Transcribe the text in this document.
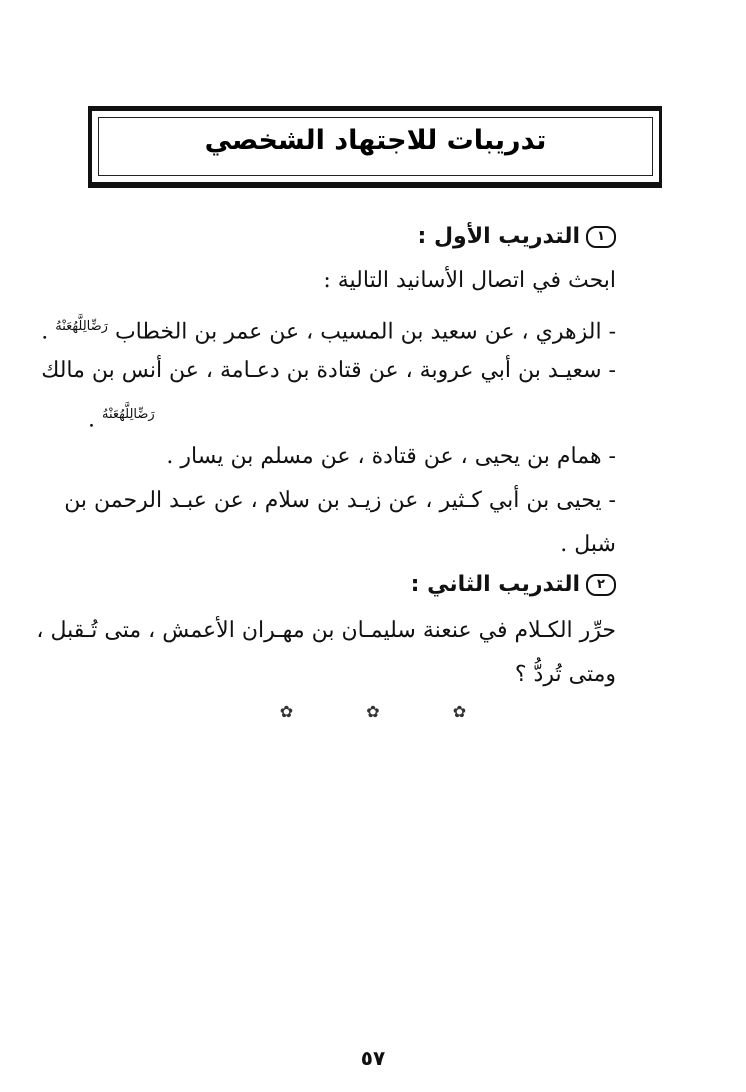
تدريبات للاجتهاد الشخصي
١
التدريب الأول :
ابحث في اتصال الأسانيد التالية :
- الزهري ، عن سعيد بن المسيب ، عن عمر بن الخطاب $^{رَضِّالِلَّهُعَنْهُ}$ .
- سعيـد بن أبي عروبة ، عن قتادة بن دعـامة ، عن أنس بن مالك
$^{رَضِّالِلَّهُعَنْهُ}$ .
- همام بن يحيى ، عن قتادة ، عن مسلم بن يسار .
- يحيى بن أبي كـثير ، عن زيـد بن سلام ، عن عبـد الرحمن بن
شبل .
٢
التدريب الثاني :
حرِّر الكـلام في عنعنة سليمـان بن مهـران الأعمش ، متى تُـقبل ،
ومتى تُردُّ ؟
✿	✿	✿
٥٧
